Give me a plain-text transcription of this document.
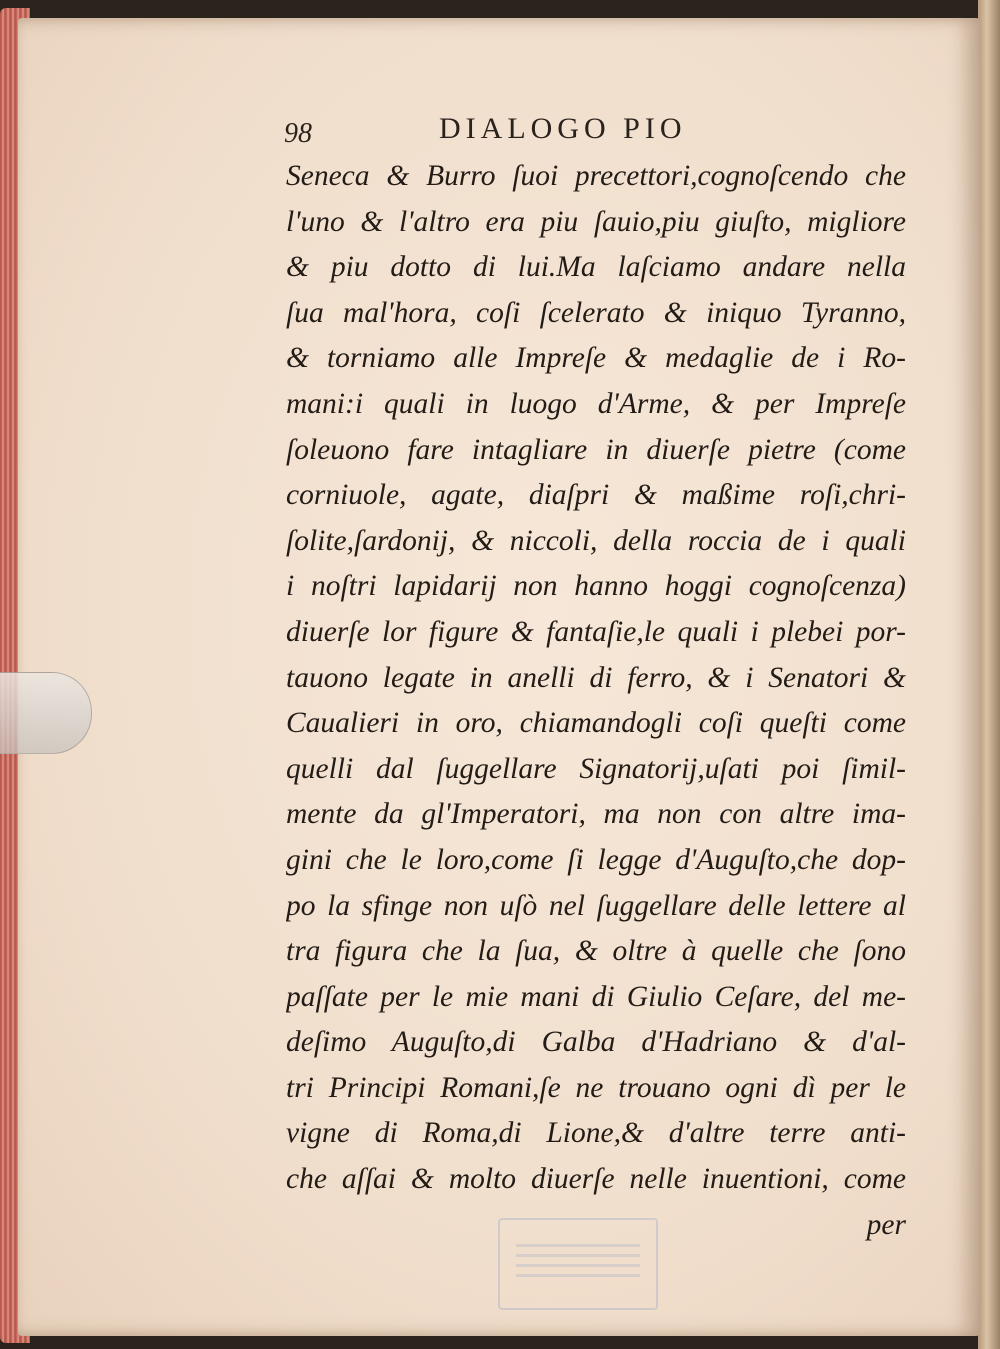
98	DIALOGO PIO
Seneca & Burro ſuoi precettori,cognoſcendo che
l'uno & l'altro era piu ſauio,piu giuſto, migliore
& piu dotto di lui.Ma laſciamo andare nella
ſua mal'hora, coſi ſcelerato & iniquo Tyranno,
& torniamo alle Impreſe & medaglie de i Ro-
mani:i quali in luogo d'Arme, & per Impreſe
ſoleuono fare intagliare in diuerſe pietre (come
corniuole, agate, diaſpri & maßime roſi,chri-
ſolite,ſardonij, & niccoli, della roccia de i quali
i noſtri lapidarij non hanno hoggi cognoſcenza)
diuerſe lor figure & fantaſie,le quali i plebei por-
tauono legate in anelli di ferro, & i Senatori &
Caualieri in oro, chiamandogli coſi queſti come
quelli dal ſuggellare Signatorij,uſati poi ſimil-
mente da gl'Imperatori, ma non con altre ima-
gini che le loro,come ſi legge d'Auguſto,che dop-
po la sfinge non uſò nel ſuggellare delle lettere al
tra figura che la ſua, & oltre à quelle che ſono
paſſate per le mie mani di Giulio Ceſare, del me-
deſimo Auguſto,di Galba d'Hadriano & d'al-
tri Principi Romani,ſe ne trouano ogni dì per le
vigne di Roma,di Lione,& d'altre terre anti-
che aſſai & molto diuerſe nelle inuentioni, come
per
